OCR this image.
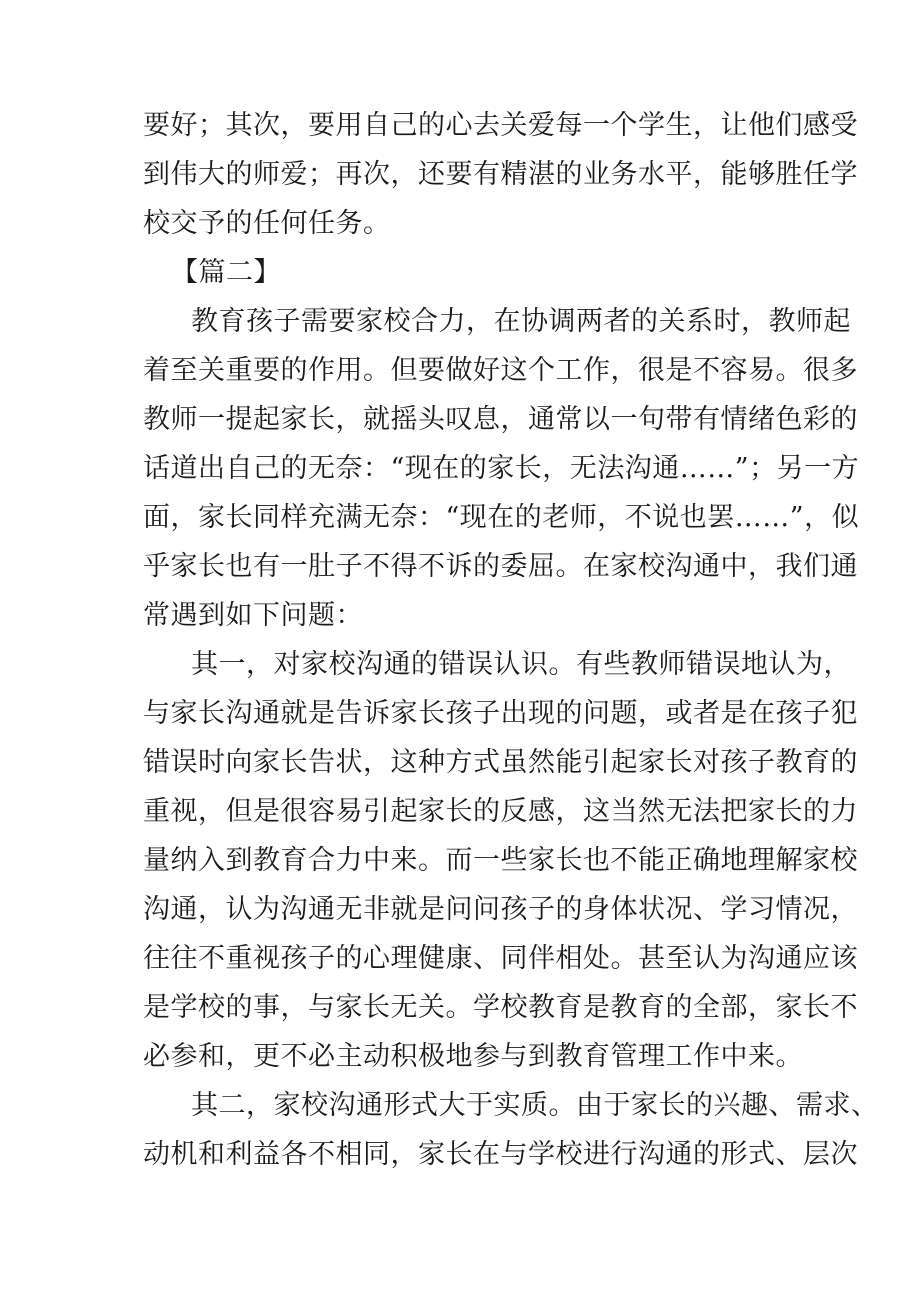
要好；其次，要用自己的心去关爱每一个学生，让他们感受
到伟大的师爱；再次，还要有精湛的业务水平，能够胜任学
校交予的任何任务。
【篇二】
教育孩子需要家校合力，在协调两者的关系时，教师起
着至关重要的作用。但要做好这个工作，很是不容易。很多
教师一提起家长，就摇头叹息，通常以一句带有情绪色彩的
话道出自己的无奈：“现在的家长，无法沟通……”；另一方
面，家长同样充满无奈：“现在的老师，不说也罢……”，似
乎家长也有一肚子不得不诉的委屈。在家校沟通中，我们通
常遇到如下问题：
其一，对家校沟通的错误认识。有些教师错误地认为，
与家长沟通就是告诉家长孩子出现的问题，或者是在孩子犯
错误时向家长告状，这种方式虽然能引起家长对孩子教育的
重视，但是很容易引起家长的反感，这当然无法把家长的力
量纳入到教育合力中来。而一些家长也不能正确地理解家校
沟通，认为沟通无非就是问问孩子的身体状况、学习情况，
往往不重视孩子的心理健康、同伴相处。甚至认为沟通应该
是学校的事，与家长无关。学校教育是教育的全部，家长不
必参和，更不必主动积极地参与到教育管理工作中来。
其二，家校沟通形式大于实质。由于家长的兴趣、需求、
动机和利益各不相同，家长在与学校进行沟通的形式、层次
